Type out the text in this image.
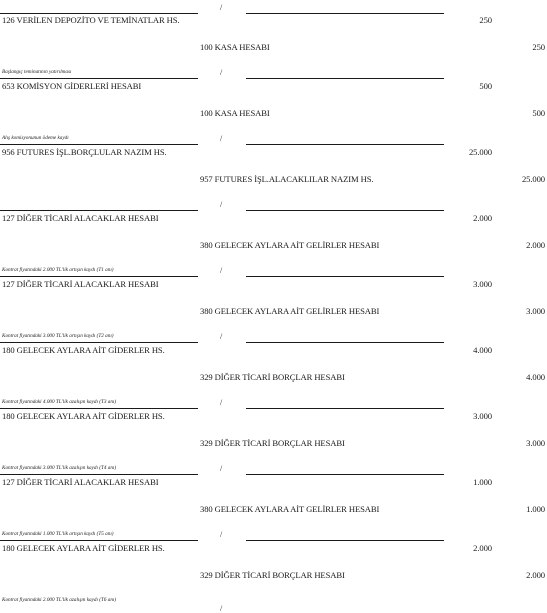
/
126 VERİLEN DEPOZİTO VE TEMİNATLAR HS.	250
100 KASA HESABI	250
Başlangıç teminatının yatırılması	/
653 KOMİSYON GİDERLERİ HESABI	500
100 KASA HESABI	500
Alış komisyonunun ödeme kaydı	/
956 FUTURES İŞL.BORÇLULAR NAZIM HS.	25.000
957 FUTURES İŞL.ALACAKLILAR NAZIM HS.	25.000
/
127 DİĞER TİCARİ ALACAKLAR HESABI	2.000
380 GELECEK AYLARA AİT GELİRLER HESABI	2.000
Kontrat fiyatındaki 2.000 TL'lik artışın kaydı (T1 anı)	/
127 DİĞER TİCARİ ALACAKLAR HESABI	3.000
380 GELECEK AYLARA AİT GELİRLER HESABI	3.000
Kontrat fiyatındaki 3.000 TL'lik artışın kaydı (T2 anı)	/
180 GELECEK AYLARA AİT GİDERLER HS.	4.000
329 DİĞER TİCARİ BORÇLAR HESABI	4.000
Kontrat fiyatındaki 4.000 TL'lik azalışın kaydı (T3 anı)	/
180 GELECEK AYLARA AİT GİDERLER HS.	3.000
329 DİĞER TİCARİ BORÇLAR HESABI	3.000
Kontrat fiyatındaki 3.000 TL'lik azalışın kaydı (T4 anı)	/
127 DİĞER TİCARİ ALACAKLAR HESABI	1.000
380 GELECEK AYLARA AİT GELİRLER HESABI	1.000
Kontrat fiyatındaki 1.000 TL'lik artışın kaydı (T5 anı)	/
180 GELECEK AYLARA AİT GİDERLER HS.	2.000
329 DİĞER TİCARİ BORÇLAR HESABI	2.000
Kontrat fiyatındaki 2.000 TL'lik azalışın kaydı (T6 anı)
/
